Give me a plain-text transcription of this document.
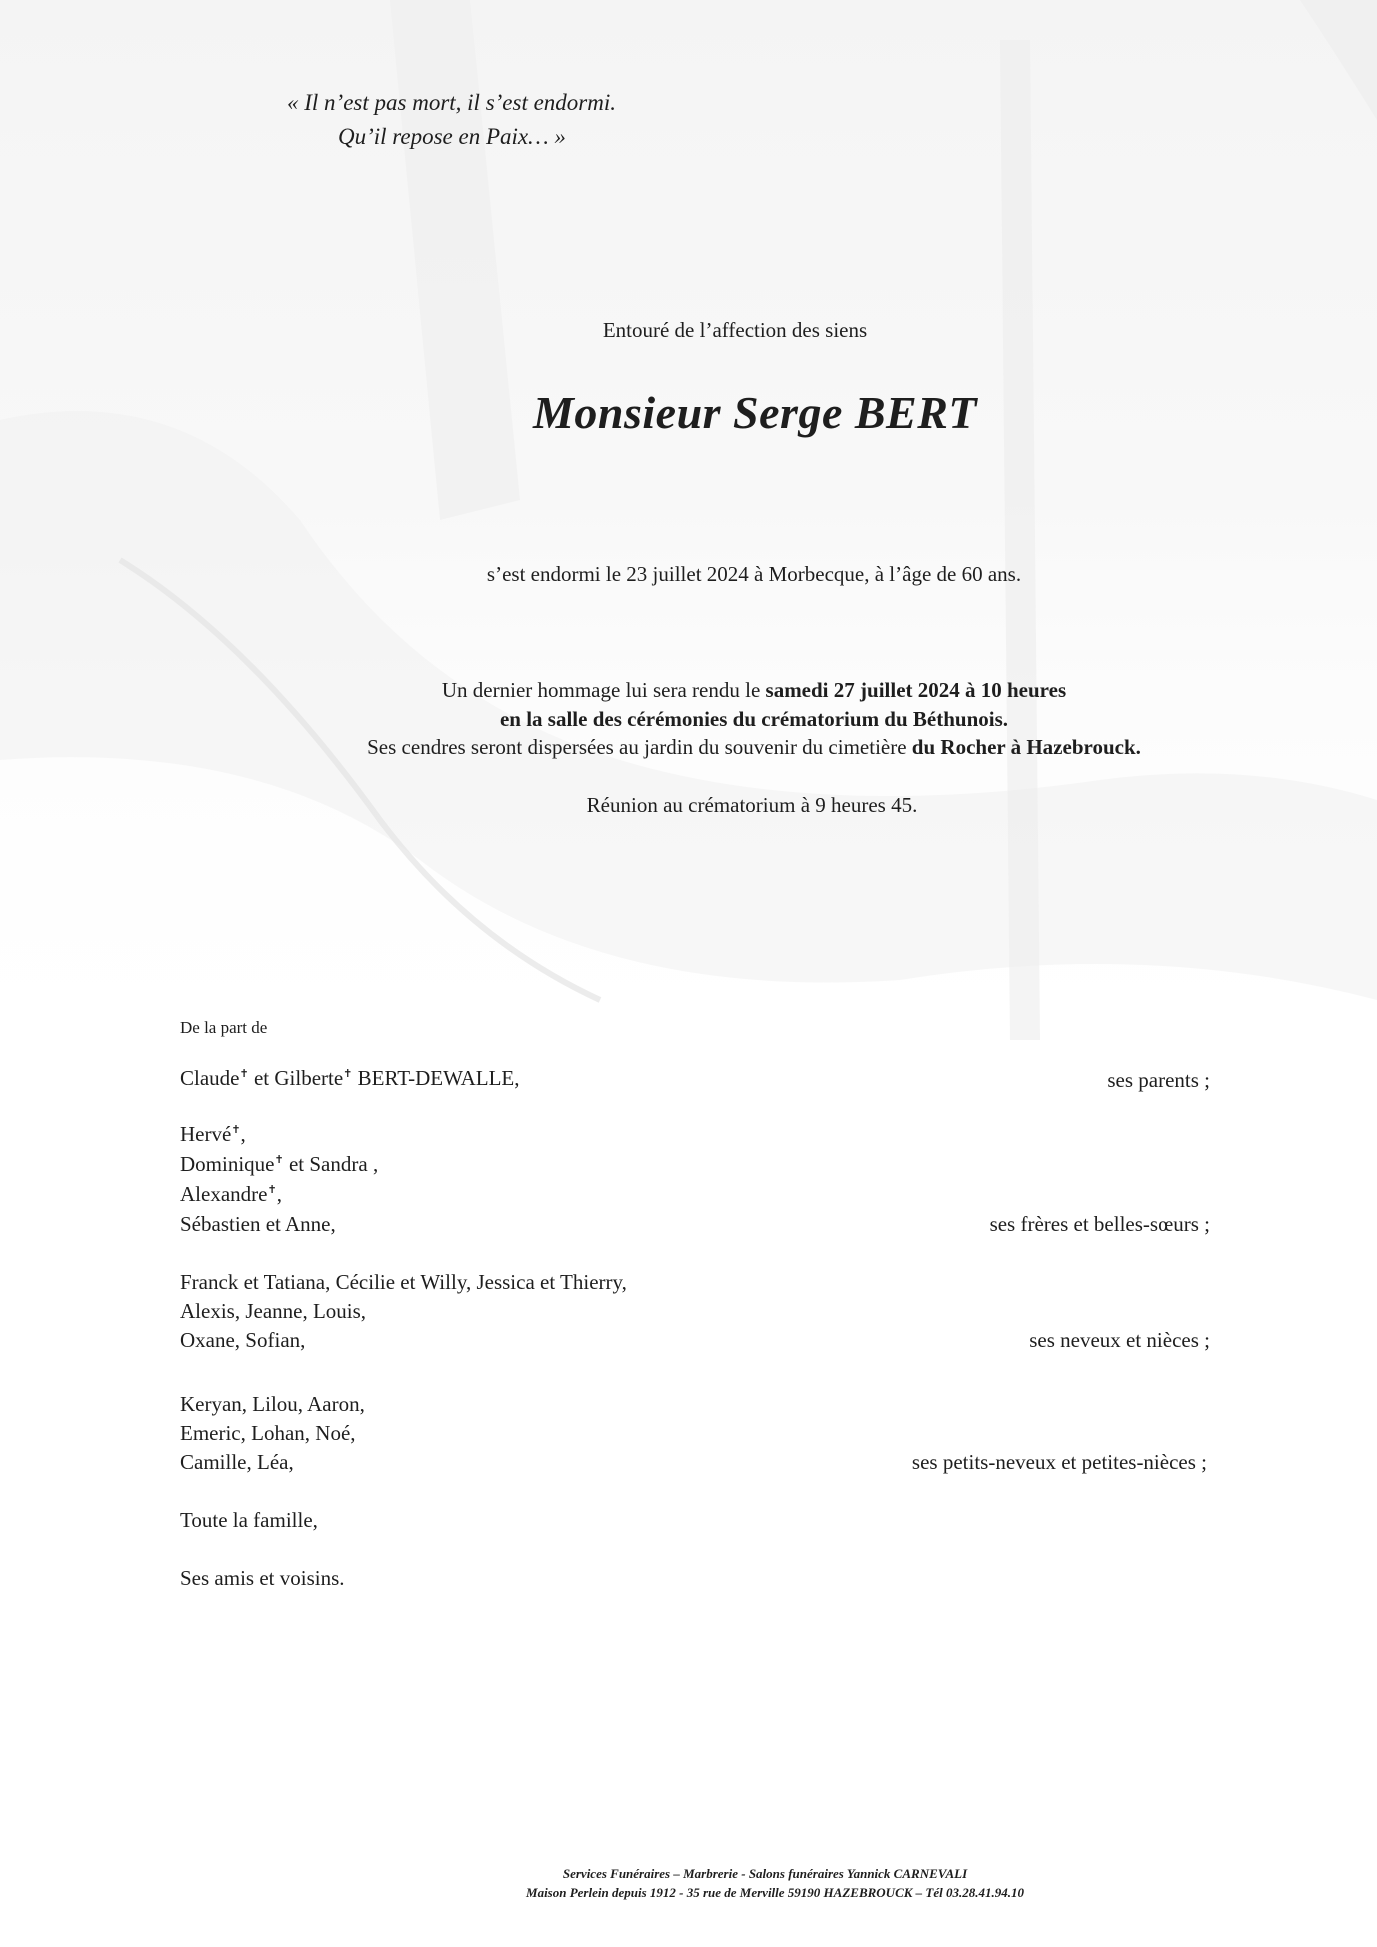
« Il n’est pas mort, il s’est endormi.
Qu’il repose en Paix… »
Entouré de l’affection des siens
Monsieur Serge BERT
s’est endormi le 23 juillet 2024 à Morbecque, à l’âge de 60 ans.
Un dernier hommage lui sera rendu le samedi 27 juillet 2024 à 10 heures
en la salle des cérémonies du crématorium du Béthunois.
Ses cendres seront dispersées au jardin du souvenir du cimetière du Rocher à Hazebrouck.
Réunion au crématorium à 9 heures 45.
De la part de
Claude✝ et Gilberte✝ BERT-DEWALLE,	ses parents ;
Hervé✝,
Dominique✝ et Sandra ,
Alexandre✝,
Sébastien et Anne,	ses frères et belles-sœurs ;
Franck et Tatiana, Cécilie et Willy, Jessica et Thierry,
Alexis, Jeanne, Louis,
Oxane, Sofian,	ses neveux et nièces ;
Keryan, Lilou, Aaron,
Emeric, Lohan, Noé,
Camille, Léa,	ses petits-neveux et petites-nièces ;
Toute la famille,
Ses amis et voisins.
Services Funéraires – Marbrerie - Salons funéraires Yannick CARNEVALI
Maison Perlein depuis 1912 - 35 rue de Merville 59190 HAZEBROUCK – Tél 03.28.41.94.10
